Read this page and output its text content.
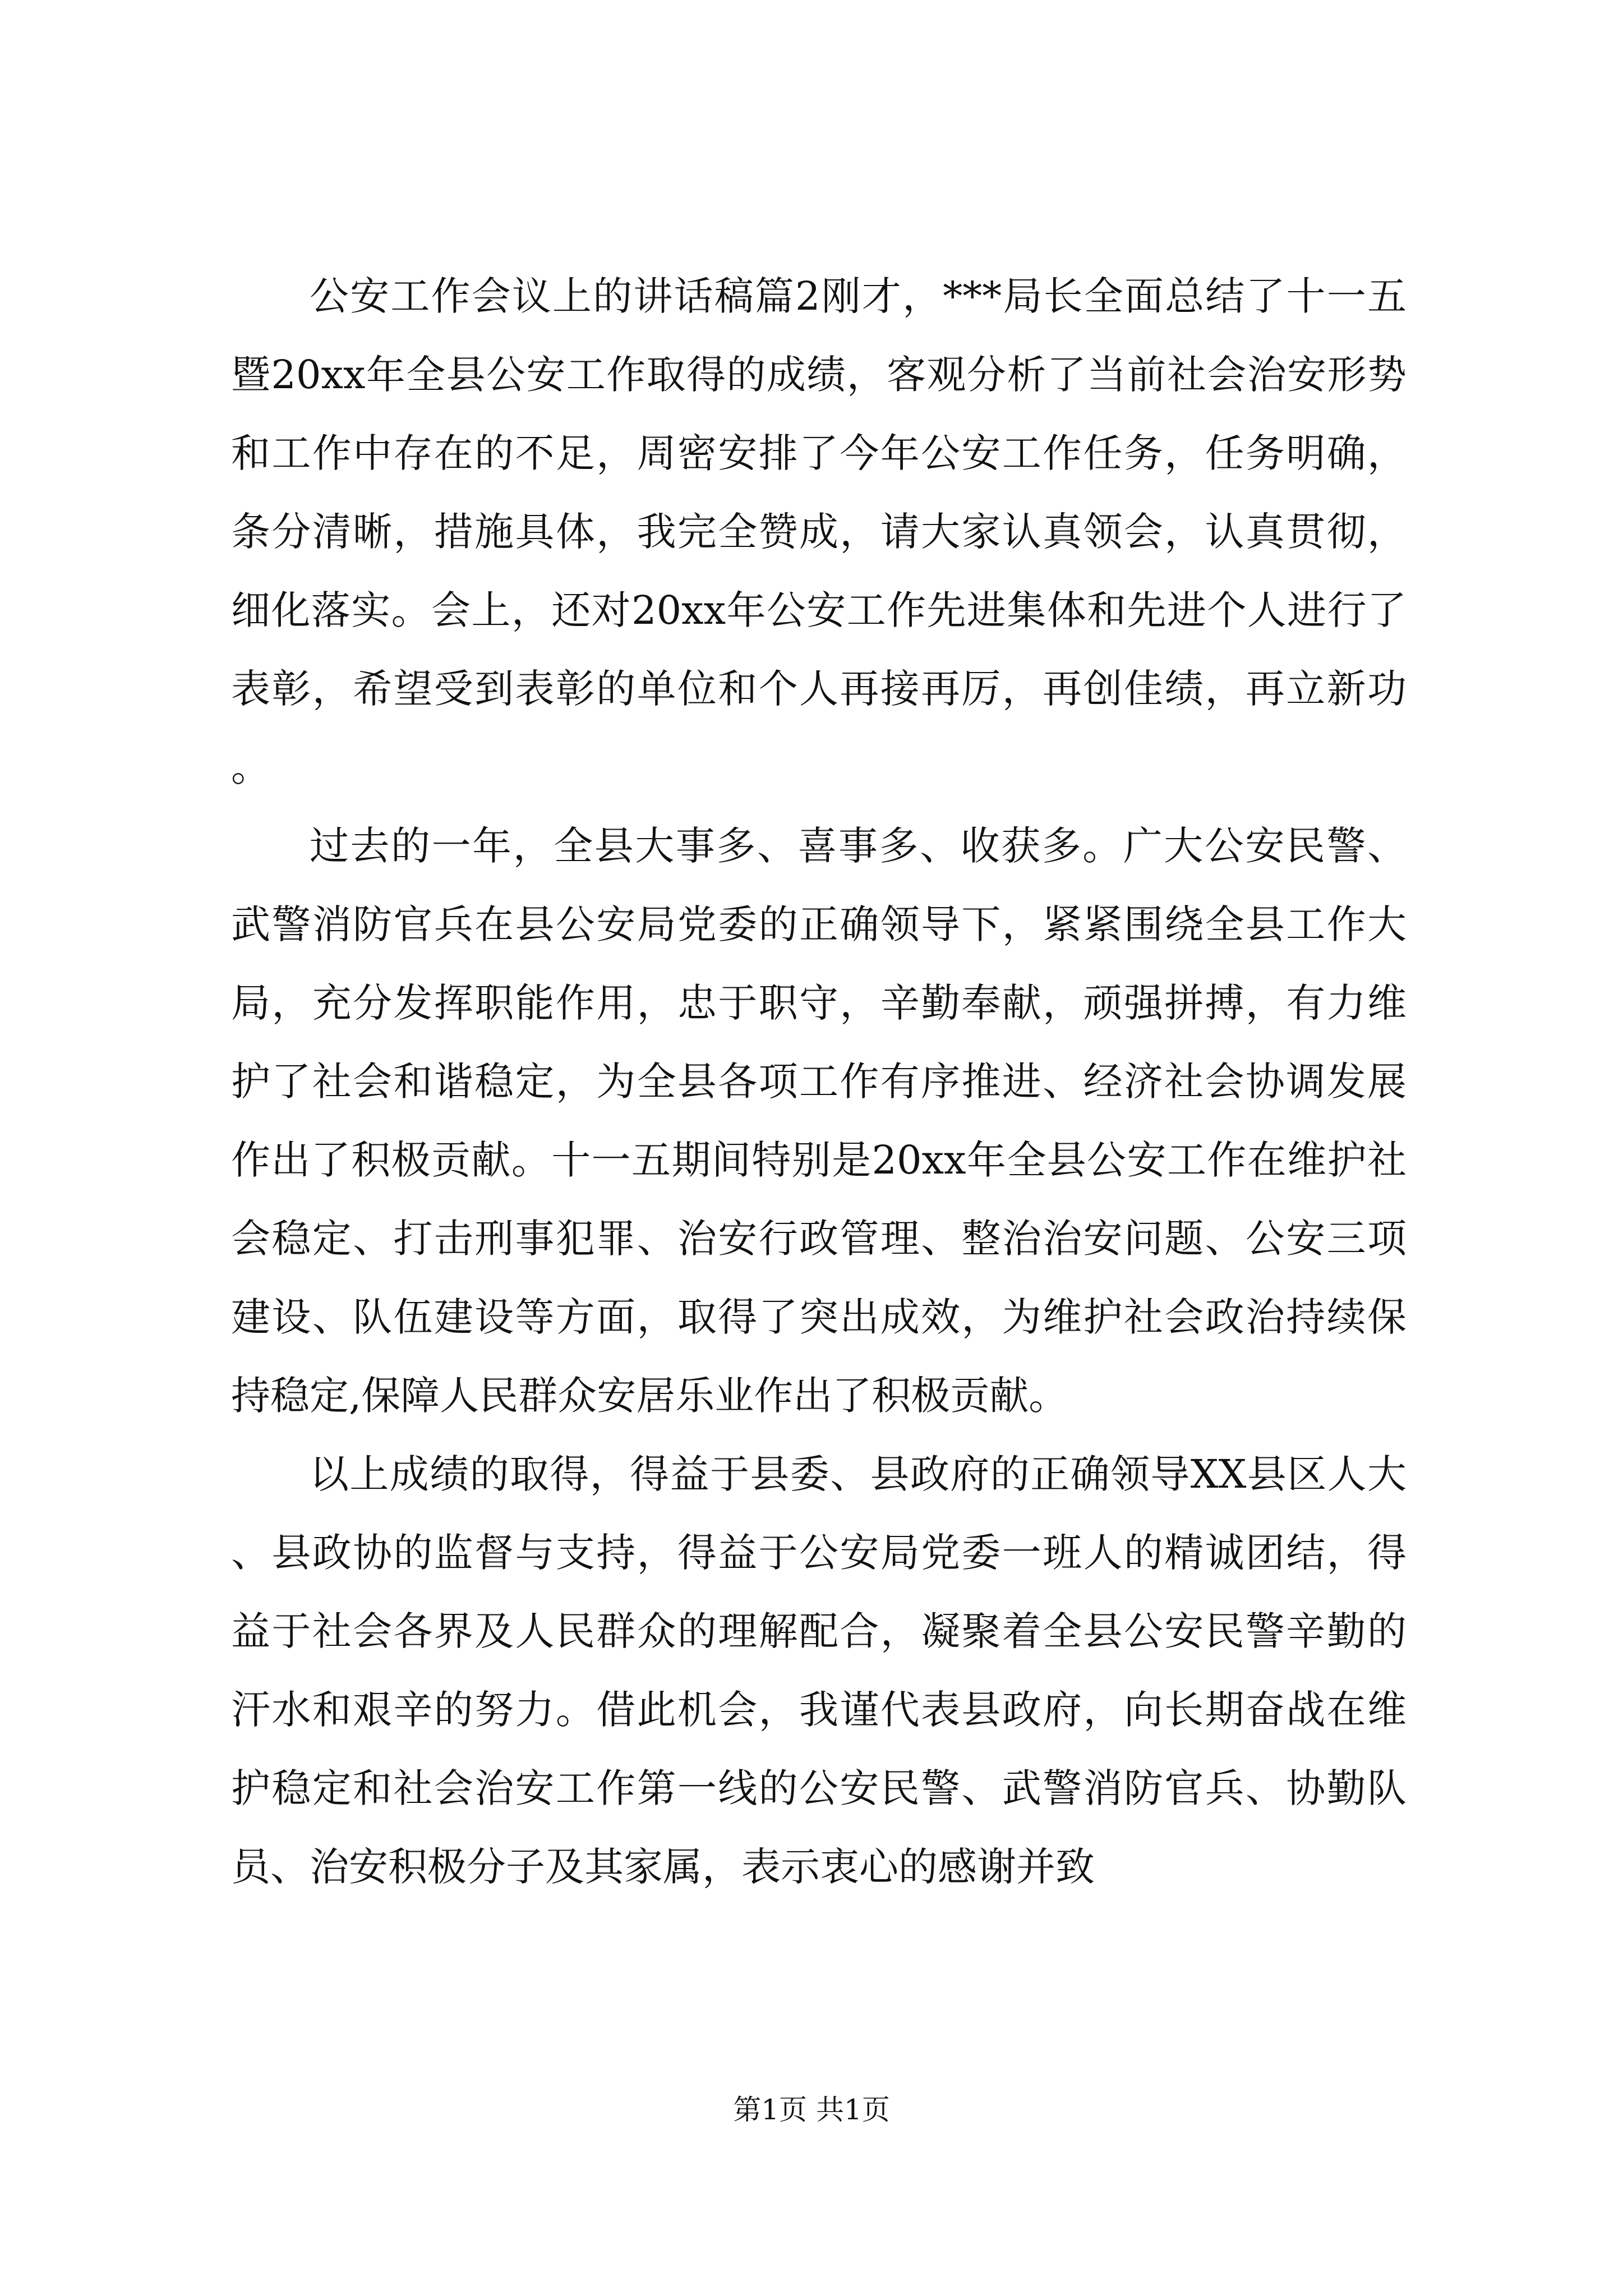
公安工作会议上的讲话稿篇2刚才，***局长全面总结了十一五暨20xx年全县公安工作取得的成绩，客观分析了当前社会治安形势和工作中存在的不足，周密安排了今年公安工作任务，任务明确，条分清晰，措施具体，我完全赞成，请大家认真领会，认真贯彻，细化落实。会上，还对20xx年公安工作先进集体和先进个人进行了表彰，希望受到表彰的单位和个人再接再厉，再创佳绩，再立新功。

过去的一年，全县大事多、喜事多、收获多。广大公安民警、武警消防官兵在县公安局党委的正确领导下，紧紧围绕全县工作大局，充分发挥职能作用，忠于职守，辛勤奉献，顽强拼搏，有力维护了社会和谐稳定，为全县各项工作有序推进、经济社会协调发展作出了积极贡献。十一五期间特别是20xx年全县公安工作在维护社会稳定、打击刑事犯罪、治安行政管理、整治治安问题、公安三项建设、队伍建设等方面，取得了突出成效，为维护社会政治持续保持稳定,保障人民群众安居乐业作出了积极贡献。

以上成绩的取得，得益于县委、县政府的正确领导XX县区人大、县政协的监督与支持，得益于公安局党委一班人的精诚团结，得益于社会各界及人民群众的理解配合，凝聚着全县公安民警辛勤的汗水和艰辛的努力。借此机会，我谨代表县政府，向长期奋战在维护稳定和社会治安工作第一线的公安民警、武警消防官兵、协勤队员、治安积极分子及其家属，表示衷心的感谢并致

第1页 共1页
